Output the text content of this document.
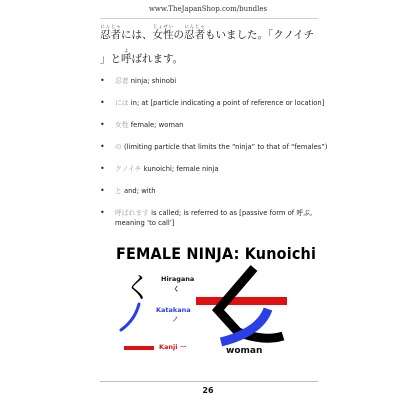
www.TheJapanShop.com/bundles
忍者にんじゃには、女性じょせいの忍者にんじゃもいました。「クノイチ
」と呼よばれます。
• 忍者 ninja; shinobi
• には in; at [particle indicating a point of reference or location]
• 女性 female; woman
• の (limiting particle that limits the “ninja” to that of “females”)
• クノイチ kunoichi; female ninja
• と and; with
• 呼ばれます is called; is referred to as [passive form of 呼ぶ, meaning ‘to call’]
FEMALE NINJA: Kunoichi
く Hiragana
く
Katakana
ノ
Kanji 一	woman
26
